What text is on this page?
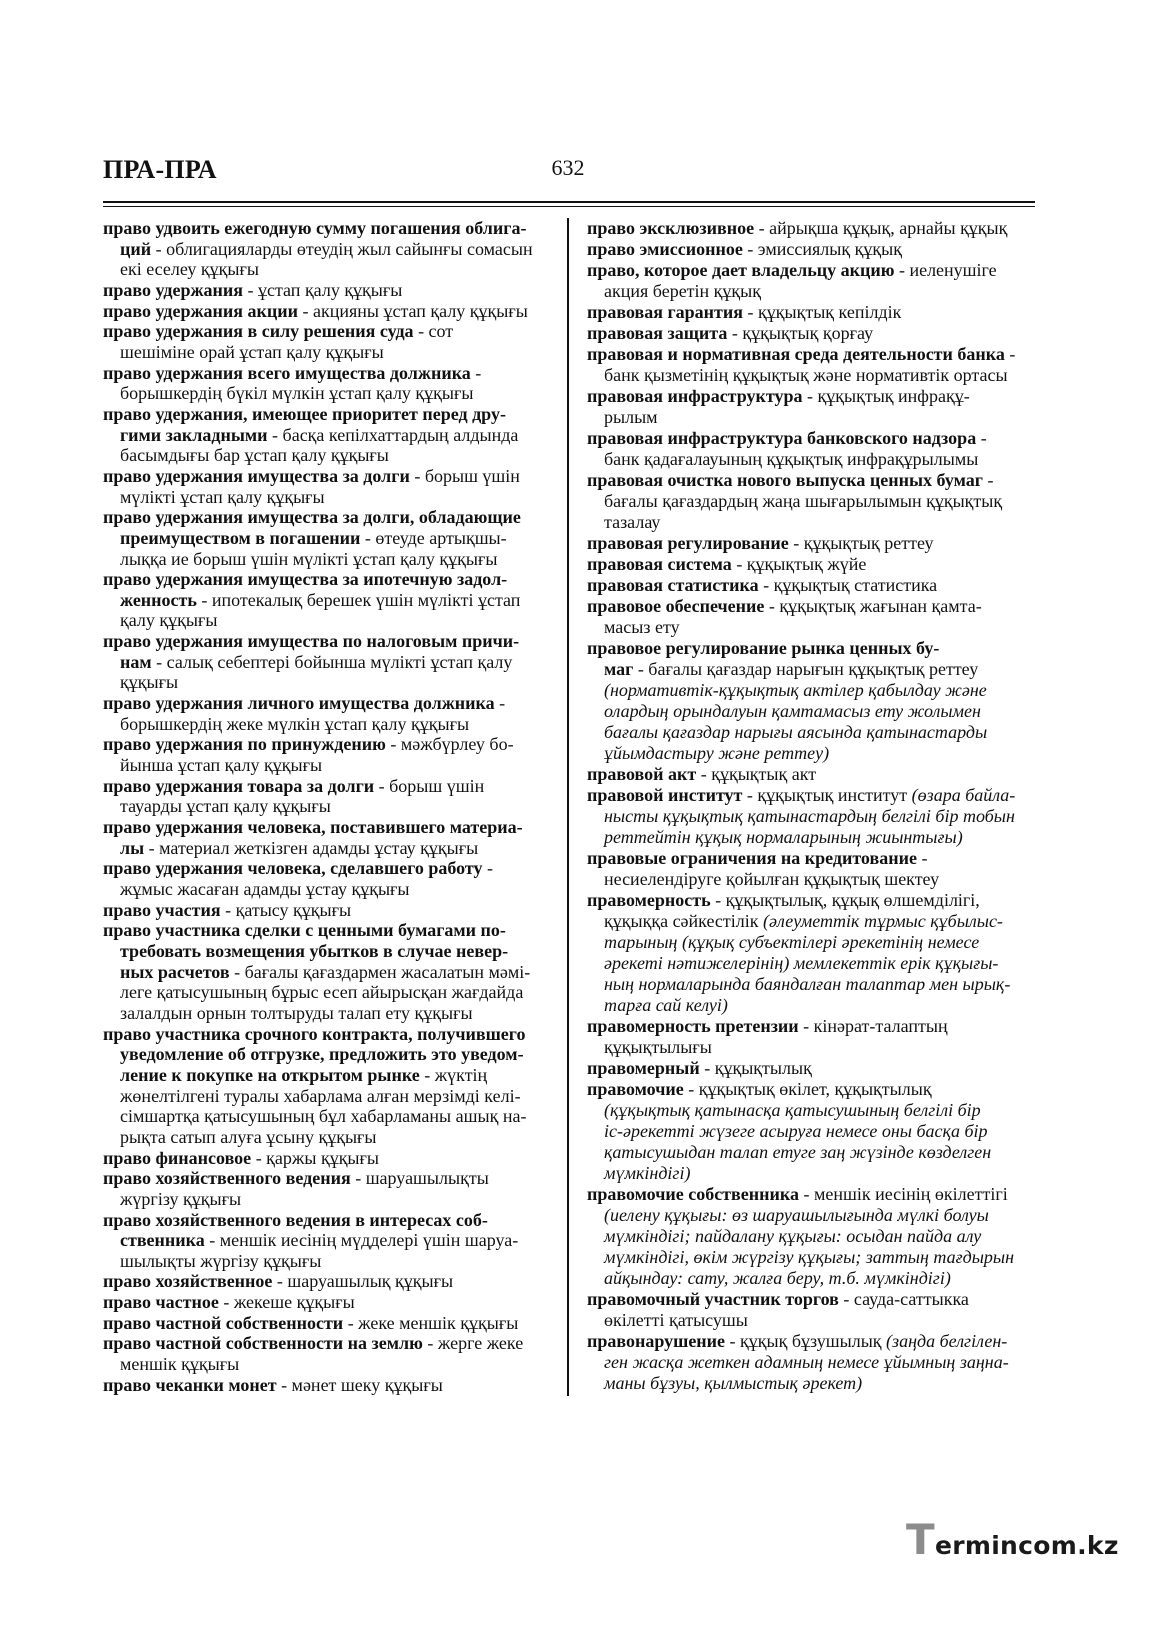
ПРА-ПРА	632
право удвоить ежегодную сумму погашения облига-
ций - облигацияларды өтеудің жыл сайынғы сомасын
екі еселеу құқығы
право удержания - ұстап қалу құқығы
право удержания акции - акцияны ұстап қалу құқығы
право удержания в силу решения суда - сот
шешіміне орай ұстап қалу құқығы
право удержания всего имущества должника -
борышкердің бүкіл мүлкін ұстап қалу құқығы
право удержания, имеющее приоритет перед дру-
гими закладными - басқа кепілхаттардың алдында
басымдығы бар ұстап қалу құқығы
право удержания имущества за долги - борыш үшін
мүлікті ұстап қалу құқығы
право удержания имущества за долги, обладающие
преимуществом в погашении - өтеуде артықшы-
лыққа ие борыш үшін мүлікті ұстап қалу құқығы
право удержания имущества за ипотечную задол-
женность - ипотекалық берешек үшін мүлікті ұстап
қалу құқығы
право удержания имущества по налоговым причи-
нам - салық себептері бойынша мүлікті ұстап қалу
құқығы
право удержания личного имущества должника -
борышкердің жеке мүлкін ұстап қалу құқығы
право удержания по принуждению - мәжбүрлеу бо-
йынша ұстап қалу құқығы
право удержания товара за долги - борыш үшін
тауарды ұстап қалу құқығы
право удержания человека, поставившего материа-
лы - материал жеткізген адамды ұстау құқығы
право удержания человека, сделавшего работу -
жұмыс жасаған адамды ұстау құқығы
право участия - қатысу құқығы
право участника сделки с ценными бумагами по-
требовать возмещения убытков в случае невер-
ных расчетов - бағалы қағаздармен жасалатын мәмі-
леге қатысушының бұрыс есеп айырысқан жағдайда
залалдын орнын толтыруды талап ету құқығы
право участника срочного контракта, получившего
уведомление об отгрузке, предложить это уведом-
ление к покупке на открытом рынке - жүктің
жөнелтілгені туралы хабарлама алған мерзімді келі-
сімшартқа қатысушының бұл хабарламаны ашық на-
рықта сатып алуға ұсыну құқығы
право финансовое - қаржы құқығы
право хозяйственного ведения - шаруашылықты
жүргізу құқығы
право хозяйственного ведения в интересах соб-
ственника - меншік иесінің мүдделері үшін шаруа-
шылықты жүргізу құқығы
право хозяйственное - шаруашылық құқығы
право частное - жекеше құқығы
право частной собственности - жеке меншік құқығы
право частной собственности на землю - жерге жеке
меншік құқығы
право чеканки монет - мәнет шеку құқығы
право эксклюзивное - айрықша құқық, арнайы құқық
право эмиссионное - эмиссиялық құқық
право, которое дает владельцу акцию - иеленушіге
акция беретін құқық
правовая гарантия - құқықтық кепілдік
правовая защита - құқықтық қорғау
правовая и нормативная среда деятельности банка -
банк қызметінің құқықтық және нормативтік ортасы
правовая инфраструктура - құқықтық инфрақұ-
рылым
правовая инфраструктура банковского надзора -
банк қадағалауының құқықтық инфрақұрылымы
правовая очистка нового выпуска ценных бумаг -
бағалы қағаздардың жаңа шығарылымын құқықтық
тазалау
правовая регулирование - құқықтық реттеу
правовая система - құқықтық жүйе
правовая статистика - құқықтық статистика
правовое обеспечение - құқықтық жағынан қамта-
масыз ету
правовое регулирование рынка ценных бу-
маг - бағалы қағаздар нарығын құқықтық реттеу
(нормативтік-құқықтық актілер қабылдау және
олардың орындалуын қамтамасыз ету жолымен
бағалы қағаздар нарығы аясында қатынастарды
ұйымдастыру және реттеу)
правовой акт - құқықтық акт
правовой институт - құқықтық институт (өзара байла-
нысты құқықтық қатынастардың белгілі бір тобын
реттейтін құқық нормаларының жиынтығы)
правовые ограничения на кредитование -
несиелендіруге қойылған құқықтық шектеу
правомерность - құқықтылық, құқық өлшемділігі,
құқыққа сәйкестілік (әлеуметтік тұрмыс құбылыс-
тарының (құқық субъектілері әрекетінің немесе
әрекеті нәтижелерінің) мемлекеттік ерік құқығы-
ның нормаларында баяндалған талаптар мен ырық-
тарға сай келуі)
правомерность претензии - кінәрат-талаптың
құқықтылығы
правомерный - құқықтылық
правомочие - құқықтық өкілет, құқықтылық
(құқықтық қатынасқа қатысушының белгілі бір
іс-әрекетті жүзеге асыруға немесе оны басқа бір
қатысушыдан талап етуге заң жүзінде көзделген
мүмкіндігі)
правомочие собственника - меншік иесінің өкілеттігі
(иелену құқығы: өз шаруашылығында мүлкі болуы
мүмкіндігі; пайдалану құқығы: осыдан пайда алу
мүмкіндігі, өкім жүргізу құқығы; заттың тағдырын
айқындау: сату, жалға беру, т.б. мүмкіндігі)
правомочный участник торгов - сауда-саттыкка
өкілетті қатысушы
правонарушение - құқық бұзушылық (заңда белгілен-
ген жасқа жеткен адамның немесе ұйымның заңна-
маны бұзуы, қылмыстық әрекет)
Termincom.kz
